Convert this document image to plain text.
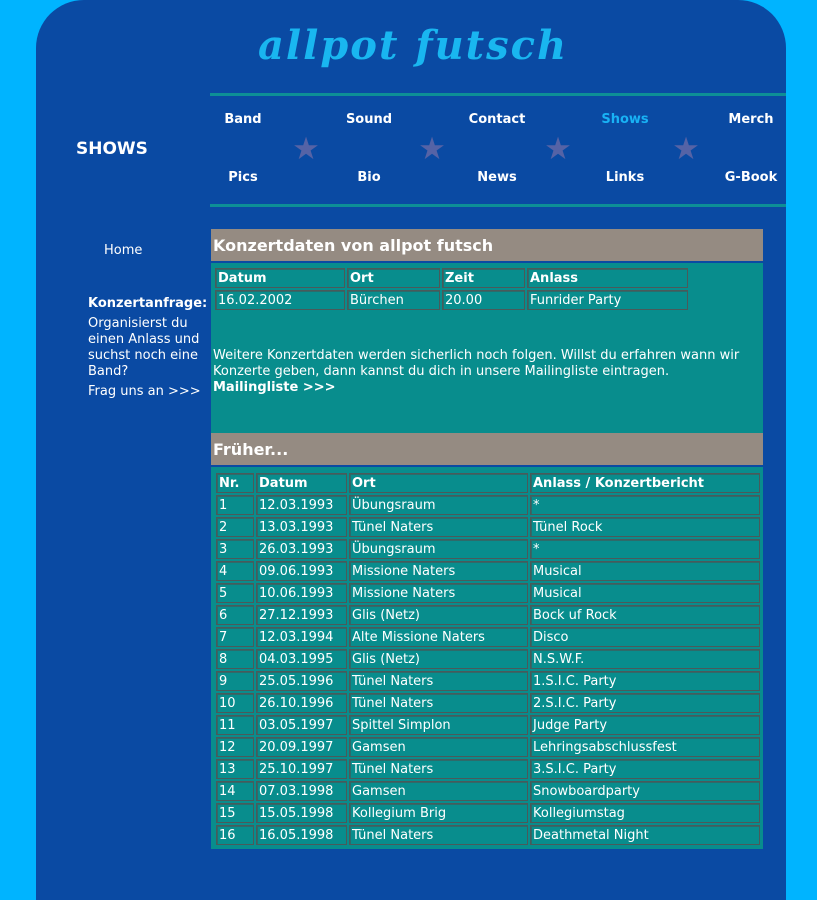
allpot futsch
SHOWS
Band	Sound	Contact	Shows	Merch
★	★	★	★
Pics	Bio	News	Links	G-Book
Home
Konzertanfrage:
Organisierst du einen Anlass und suchst noch eine Band?
Frag uns an >>>
Konzertdaten von allpot futsch
Datum	Ort	Zeit	Anlass
16.02.2002	Bürchen	20.00	Funrider Party
Weitere Konzertdaten werden sicherlich noch folgen. Willst du erfahren wann wir Konzerte geben, dann kannst du dich in unsere Mailingliste eintragen.
Mailingliste >>>
Früher...
Nr.	Datum	Ort	Anlass / Konzertbericht
1	12.03.1993	Übungsraum	*
2	13.03.1993	Tünel Naters	Tünel Rock
3	26.03.1993	Übungsraum	*
4	09.06.1993	Missione Naters	Musical
5	10.06.1993	Missione Naters	Musical
6	27.12.1993	Glis (Netz)	Bock uf Rock
7	12.03.1994	Alte Missione Naters	Disco
8	04.03.1995	Glis (Netz)	N.S.W.F.
9	25.05.1996	Tünel Naters	1.S.I.C. Party
10	26.10.1996	Tünel Naters	2.S.I.C. Party
11	03.05.1997	Spittel Simplon	Judge Party
12	20.09.1997	Gamsen	Lehringsabschlussfest
13	25.10.1997	Tünel Naters	3.S.I.C. Party
14	07.03.1998	Gamsen	Snowboardparty
15	15.05.1998	Kollegium Brig	Kollegiumstag
16	16.05.1998	Tünel Naters	Deathmetal Night
